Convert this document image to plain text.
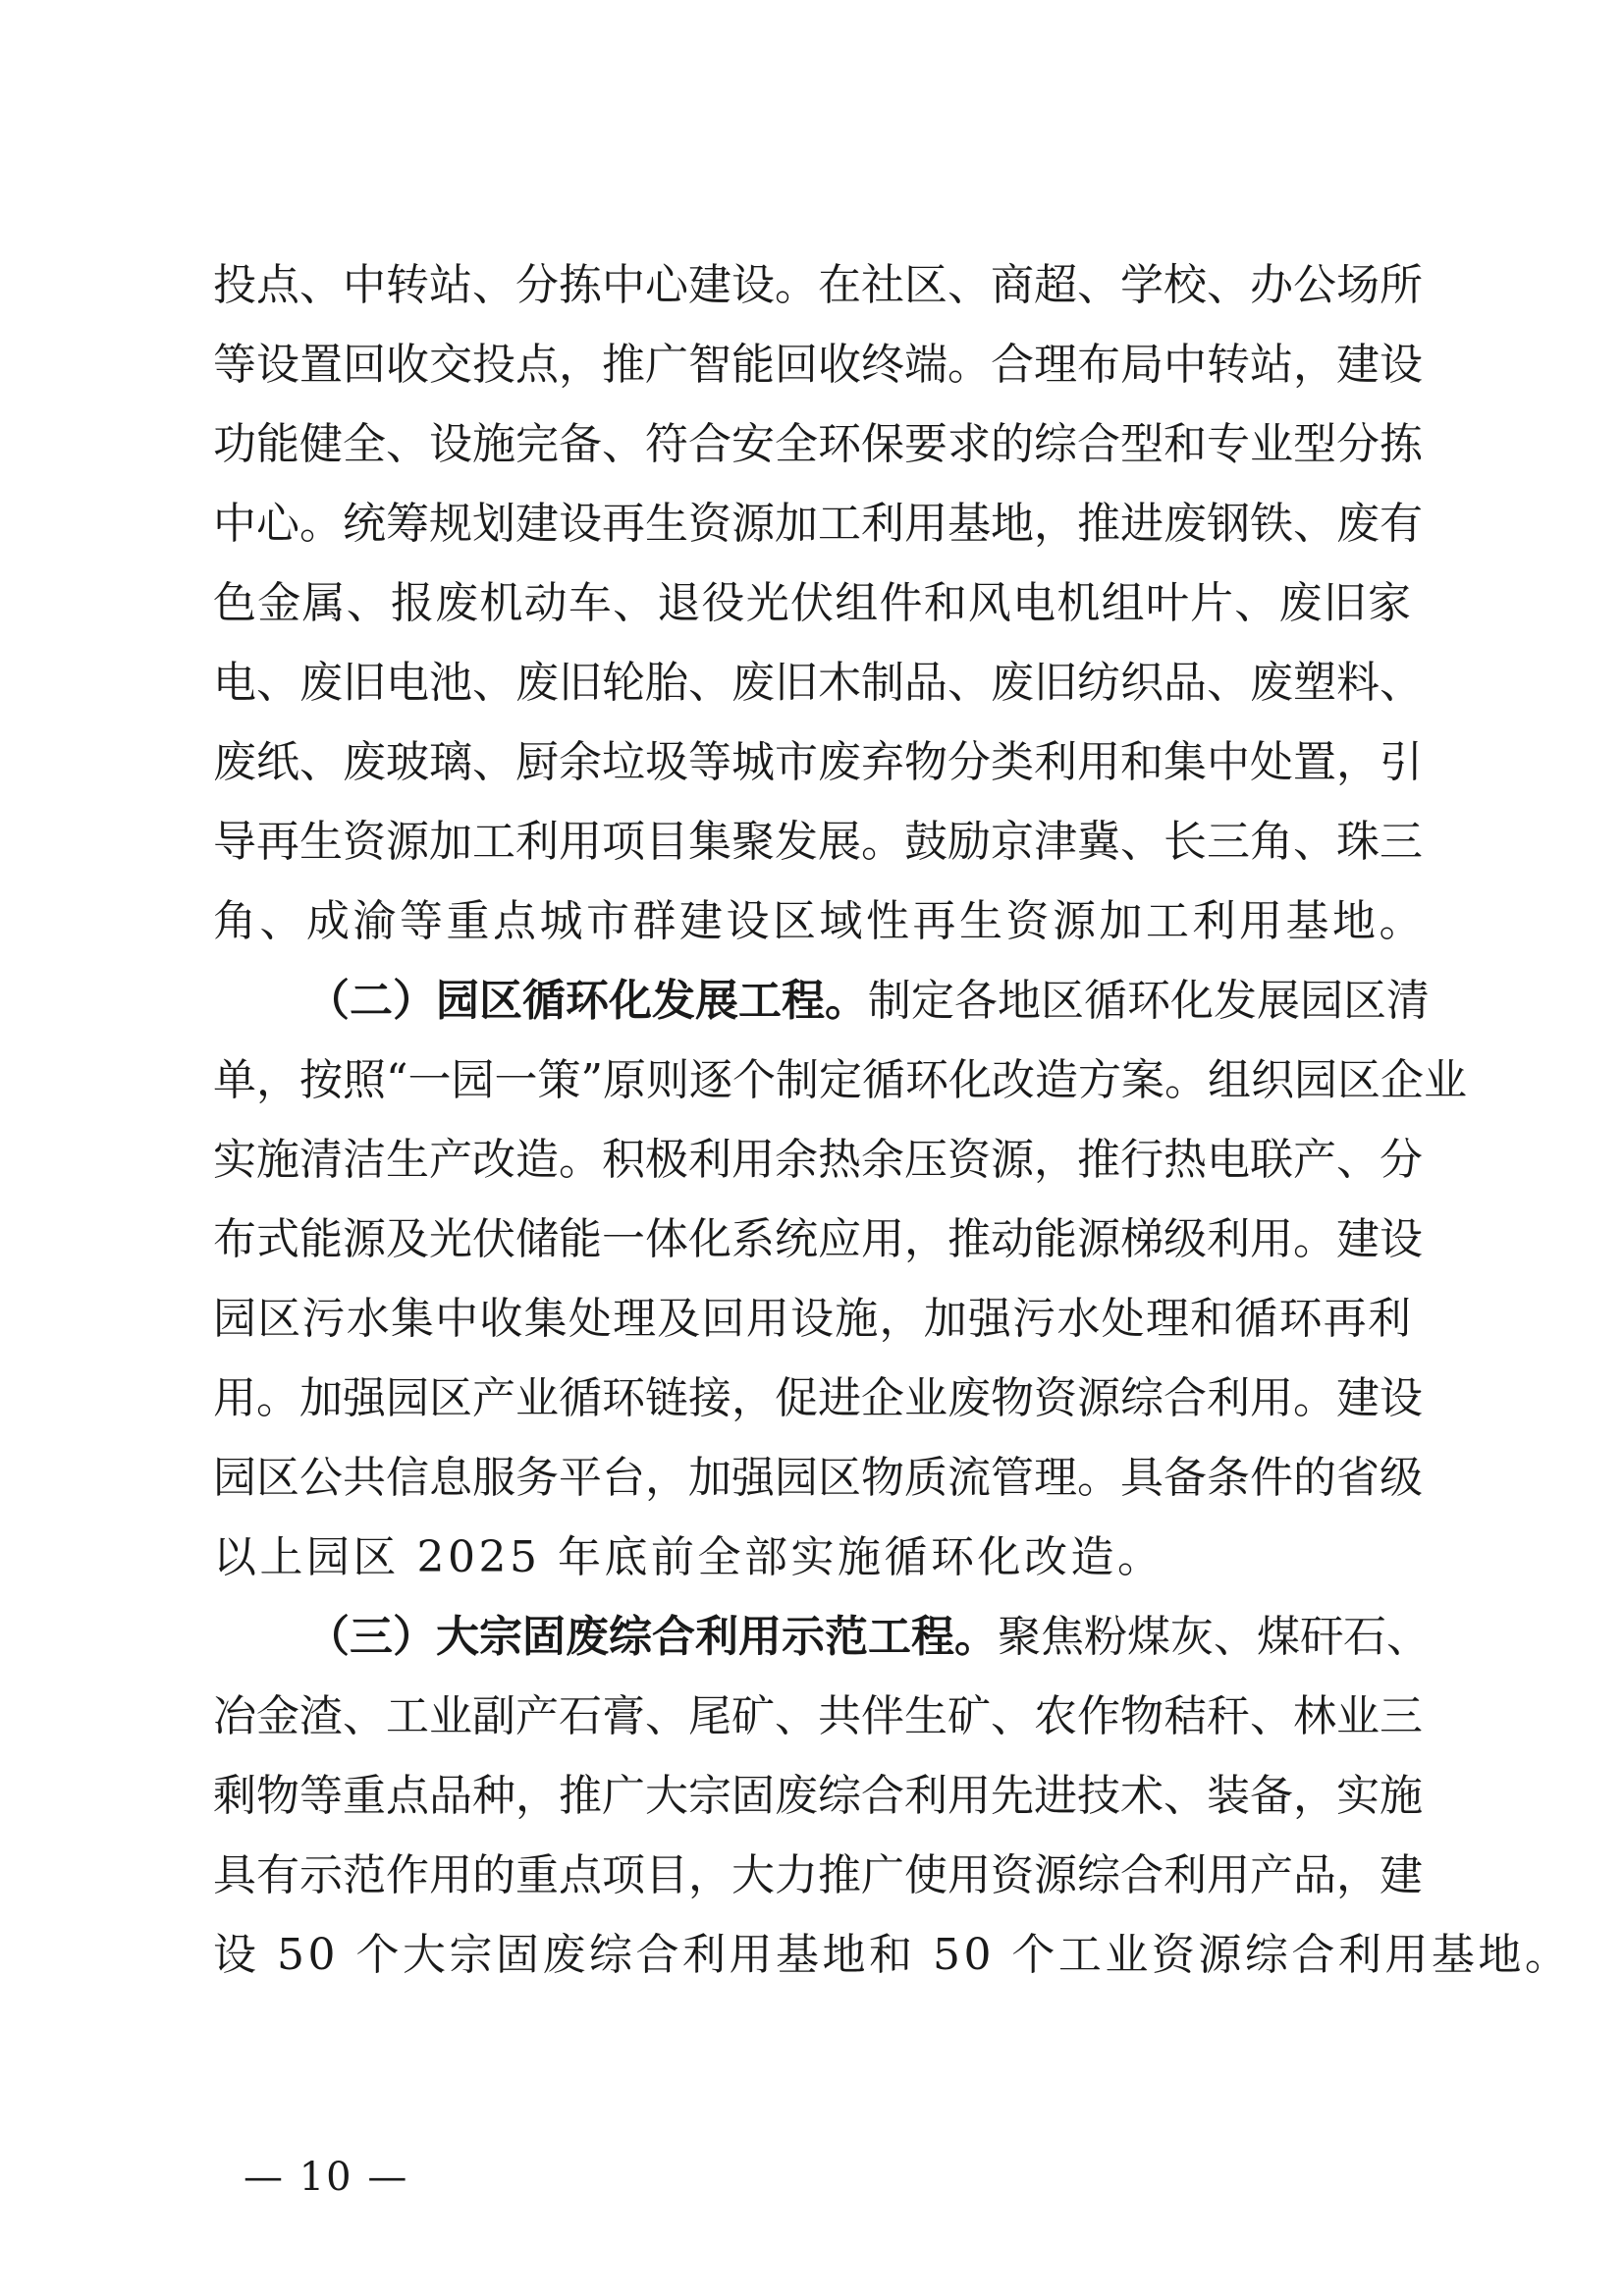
投点、中转站、分拣中心建设。在社区、商超、学校、办公场所
等设置回收交投点，推广智能回收终端。合理布局中转站，建设
功能健全、设施完备、符合安全环保要求的综合型和专业型分拣
中心。统筹规划建设再生资源加工利用基地，推进废钢铁、废有
色金属、报废机动车、退役光伏组件和风电机组叶片、废旧家
电、废旧电池、废旧轮胎、废旧木制品、废旧纺织品、废塑料、
废纸、废玻璃、厨余垃圾等城市废弃物分类利用和集中处置，引
导再生资源加工利用项目集聚发展。鼓励京津冀、长三角、珠三
角、成渝等重点城市群建设区域性再生资源加工利用基地。
（二）园区循环化发展工程。制定各地区循环化发展园区清
单，按照“一园一策”原则逐个制定循环化改造方案。组织园区企业
实施清洁生产改造。积极利用余热余压资源，推行热电联产、分
布式能源及光伏储能一体化系统应用，推动能源梯级利用。建设
园区污水集中收集处理及回用设施，加强污水处理和循环再利
用。加强园区产业循环链接，促进企业废物资源综合利用。建设
园区公共信息服务平台，加强园区物质流管理。具备条件的省级
以上园区 2025 年底前全部实施循环化改造。
（三）大宗固废综合利用示范工程。聚焦粉煤灰、煤矸石、
冶金渣、工业副产石膏、尾矿、共伴生矿、农作物秸秆、林业三
剩物等重点品种，推广大宗固废综合利用先进技术、装备，实施
具有示范作用的重点项目，大力推广使用资源综合利用产品，建
设 50 个大宗固废综合利用基地和 50 个工业资源综合利用基地。
— 10 —
